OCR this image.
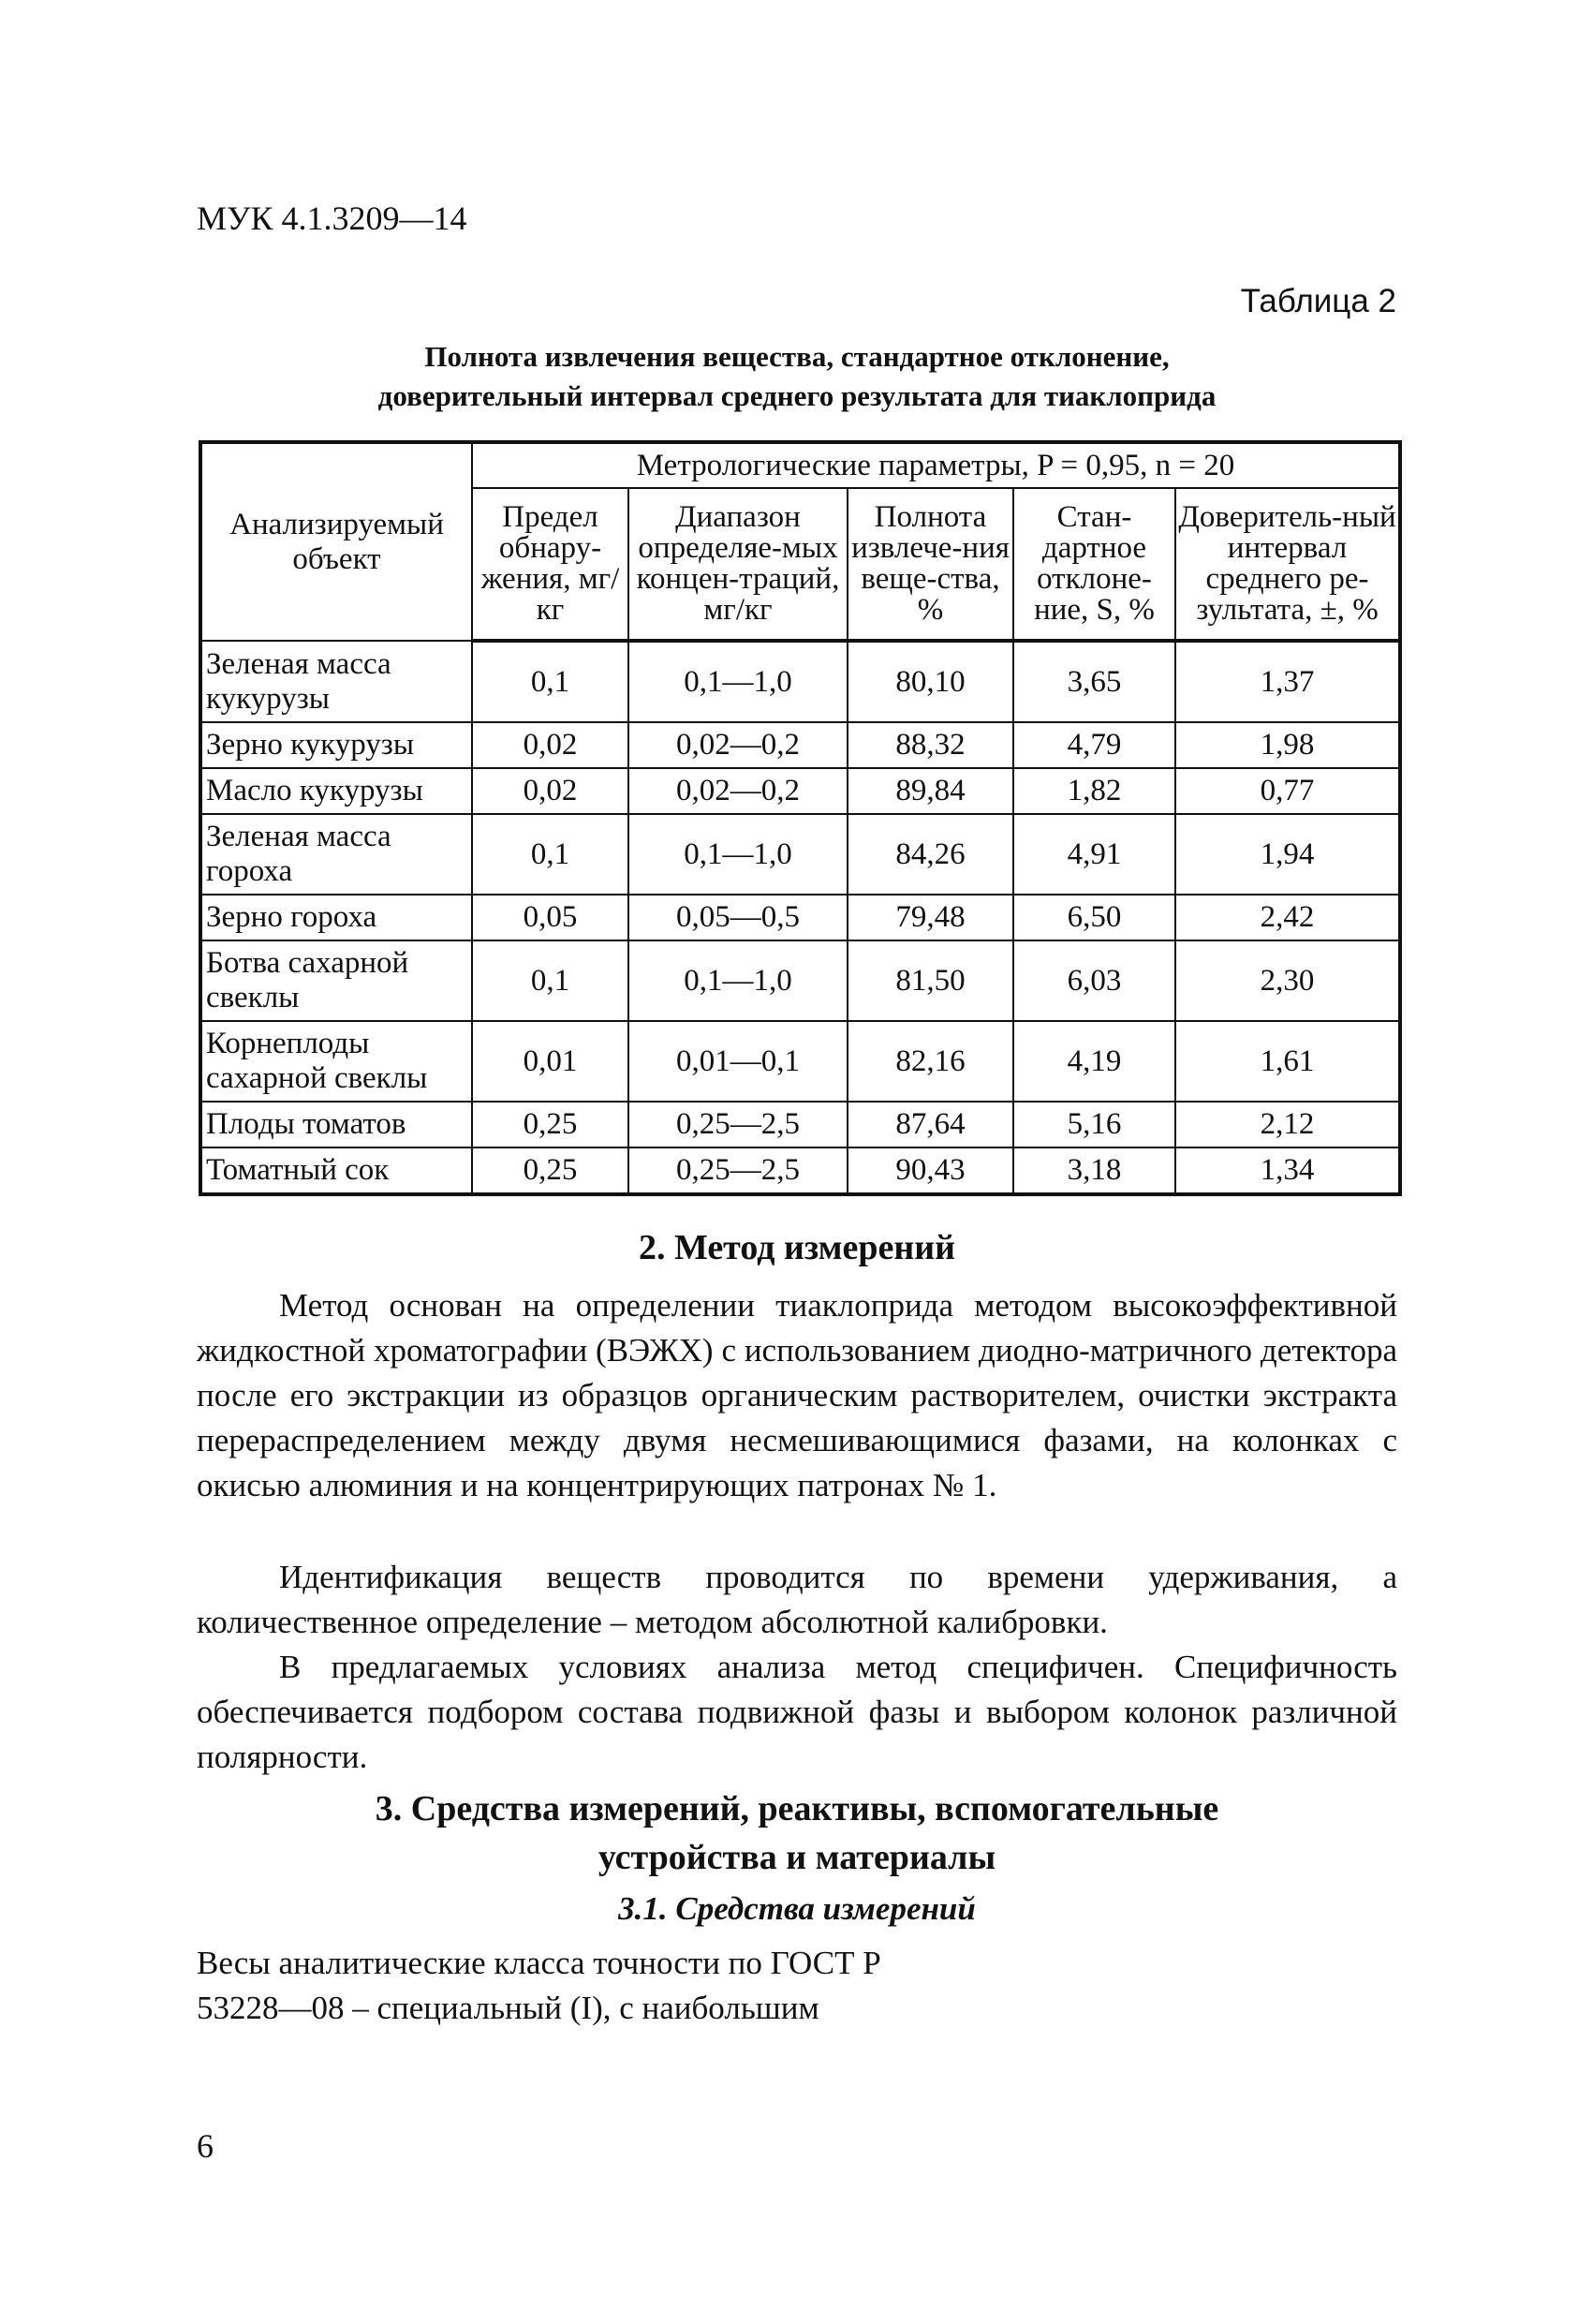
МУК 4.1.3209—14
Таблица 2
Полнота извлечения вещества, стандартное отклонение,
доверительный интервал среднего результата для тиаклоприда
Анализируемый объект	Метрологические параметры, P = 0,95, n = 20				
	Предел обнару-жения, мг/кг	Диапазон определяе-мых концен-траций, мг/кг	Полнота извлече-ния веще-ства, %	Стан-дартное отклоне-ние, S, %	Доверитель-ный интервал среднего ре-зультата, ±, %
Зеленая масса кукурузы	0,1	0,1—1,0	80,10	3,65	1,37
Зерно кукурузы	0,02	0,02—0,2	88,32	4,79	1,98
Масло кукурузы	0,02	0,02—0,2	89,84	1,82	0,77
Зеленая масса гороха	0,1	0,1—1,0	84,26	4,91	1,94
Зерно гороха	0,05	0,05—0,5	79,48	6,50	2,42
Ботва сахарной свеклы	0,1	0,1—1,0	81,50	6,03	2,30
Корнеплоды сахарной свеклы	0,01	0,01—0,1	82,16	4,19	1,61
Плоды томатов	0,25	0,25—2,5	87,64	5,16	2,12
Томатный сок	0,25	0,25—2,5	90,43	3,18	1,34
2. Метод измерений

Метод основан на определении тиаклоприда методом высокоэффективной жидкостной хроматографии (ВЭЖХ) с использованием диодно-матричного детектора после его экстракции из образцов органическим растворителем, очистки экстракта перераспределением между двумя несмешивающимися фазами, на колонках с окисью алюминия и на концентрирующих патронах № 1.

Идентификация веществ проводится по времени удерживания, а количественное определение – методом абсолютной калибровки.

В предлагаемых условиях анализа метод специфичен. Специфичность обеспечивается подбором состава подвижной фазы и выбором колонок различной полярности.

3. Средства измерений, реактивы, вспомогательные
устройства и материалы
3.1. Средства измерений
Весы аналитические класса точности по ГОСТ Р
53228—08 – специальный (I), с наибольшим
6
